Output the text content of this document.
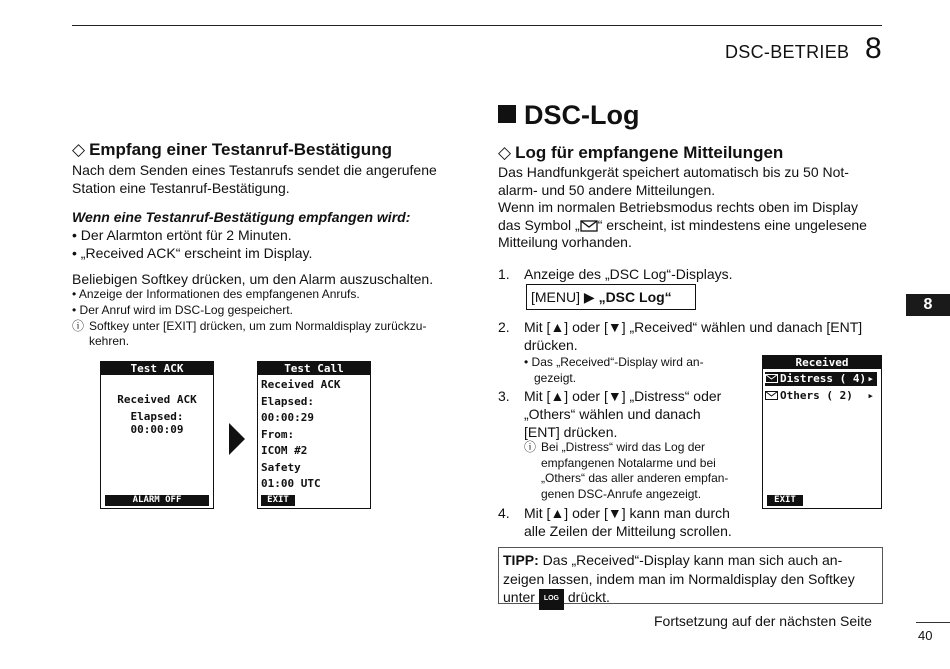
DSC-BETRIEB 8
◇ Empfang einer Testanruf-Bestätigung
Nach dem Senden eines Testanrufs sendet die angerufene
Station eine Testanruf-Bestätigung.
Wenn eine Testanruf-Bestätigung empfangen wird:
• Der Alarmton ertönt für 2 Minuten.
• „Received ACK“ erscheint im Display.
Beliebigen Softkey drücken, um den Alarm auszuschalten.
• Anzeige der Informationen des empfangenen Anrufs.
• Der Anruf wird im DSC-Log gespeichert.
ⓘ Softkey unter [EXIT] drücken, um zum Normaldisplay zurückzu-
kehren.
Test ACK
Received ACK
Elapsed: 00:00:09
ALARM OFF
Test Call
Received ACK
Elapsed: 00:00:29
From:
ICOM #2
Safety
01:00 UTC
EXIT
DSC-Log
◇ Log für empfangene Mitteilungen
Das Handfunkgerät speichert automatisch bis zu 50 Not-
alarm- und 50 andere Mitteilungen.
Wenn im normalen Betriebsmodus rechts oben im Display
das Symbol „ “ erscheint, ist mindestens eine ungelesene
Mitteilung vorhanden.
1. Anzeige des „DSC Log“-Displays.
[MENU] ▶ „DSC Log“
2. Mit [▲] oder [▼] „Received“ wählen und danach [ENT]
drücken.
• Das „Received“-Display wird an-
gezeigt.
3. Mit [▲] oder [▼] „Distress“ oder
„Others“ wählen und danach
[ENT] drücken.
ⓘ Bei „Distress“ wird das Log der
empfangenen Notalarme und bei
„Others“ das aller anderen empfan-
genen DSC-Anrufe angezeigt.
4. Mit [▲] oder [▼] kann man durch
alle Zeilen der Mitteilung scrollen.
Received
Distress ( 4) ▸
Others ( 2) ▸
EXIT
TIPP: Das „Received“-Display kann man sich auch an-
zeigen lassen, indem man im Normaldisplay den Softkey
unter LOG drückt.
Fortsetzung auf der nächsten Seite
8
40
